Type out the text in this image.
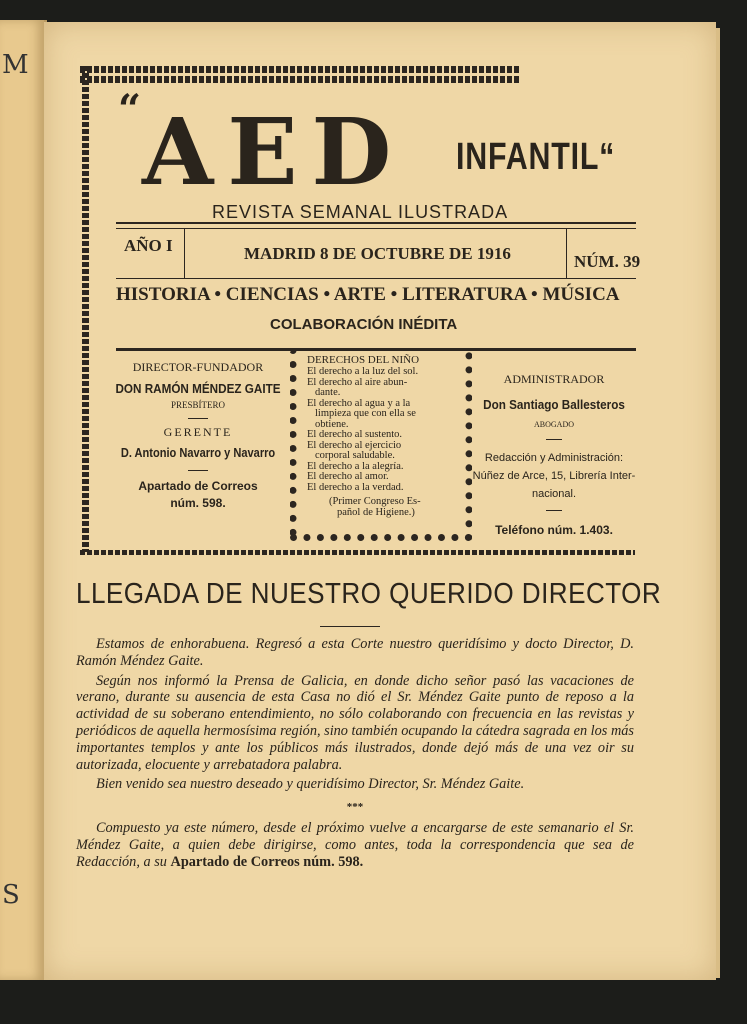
M
S
“ AED INFANTIL“
REVISTA SEMANAL ILUSTRADA
AÑO I	MADRID 8 DE OCTUBRE DE 1916	NÚM. 39
HISTORIA • CIENCIAS • ARTE • LITERATURA • MÚSICA
COLABORACIÓN INÉDITA
DIRECTOR-FUNDADOR
DON RAMÓN MÉNDEZ GAITE
PRESBÍTERO
GERENTE
D. Antonio Navarro y Navarro
Apartado de Correos
núm. 598.
DERECHOS DEL NIÑO
El derecho a la luz del sol.
El derecho al aire abun-
dante.
El derecho al agua y a la
limpieza que con ella se
obtiene.
El derecho al sustento.
El derecho al ejercicio
corporal saludable.
El derecho a la alegría.
El derecho al amor.
El derecho a la verdad.
(Primer Congreso Es-
pañol de Higiene.)
ADMINISTRADOR
Don Santiago Ballesteros
ABOGADO
Redacción y Administración:
Núñez de Arce, 15, Librería Inter-
nacional.
Teléfono núm. 1.403.
LLEGADA DE NUESTRO QUERIDO DIRECTOR

Estamos de enhorabuena. Regresó a esta Corte nuestro queridísimo y docto Director, D. Ramón Méndez Gaite.

Según nos informó la Prensa de Galicia, en donde dicho señor pasó las vacaciones de verano, durante su ausencia de esta Casa no dió el Sr. Méndez Gaite punto de reposo a la actividad de su soberano entendimiento, no sólo colaborando con frecuencia en las revistas y periódicos de aquella hermosísima región, sino también ocupando la cátedra sagrada en los más importantes templos y ante los públicos más ilustrados, donde dejó más de una vez oir su autorizada, elocuente y arrebatadora palabra.

Bien venido sea nuestro deseado y queridísimo Director, Sr. Méndez Gaite.

***

Compuesto ya este número, desde el próximo vuelve a encargarse de este semanario el Sr. Méndez Gaite, a quien debe dirigirse, como antes, toda la correspondencia que sea de Redacción, a su Apartado de Correos núm. 598.
